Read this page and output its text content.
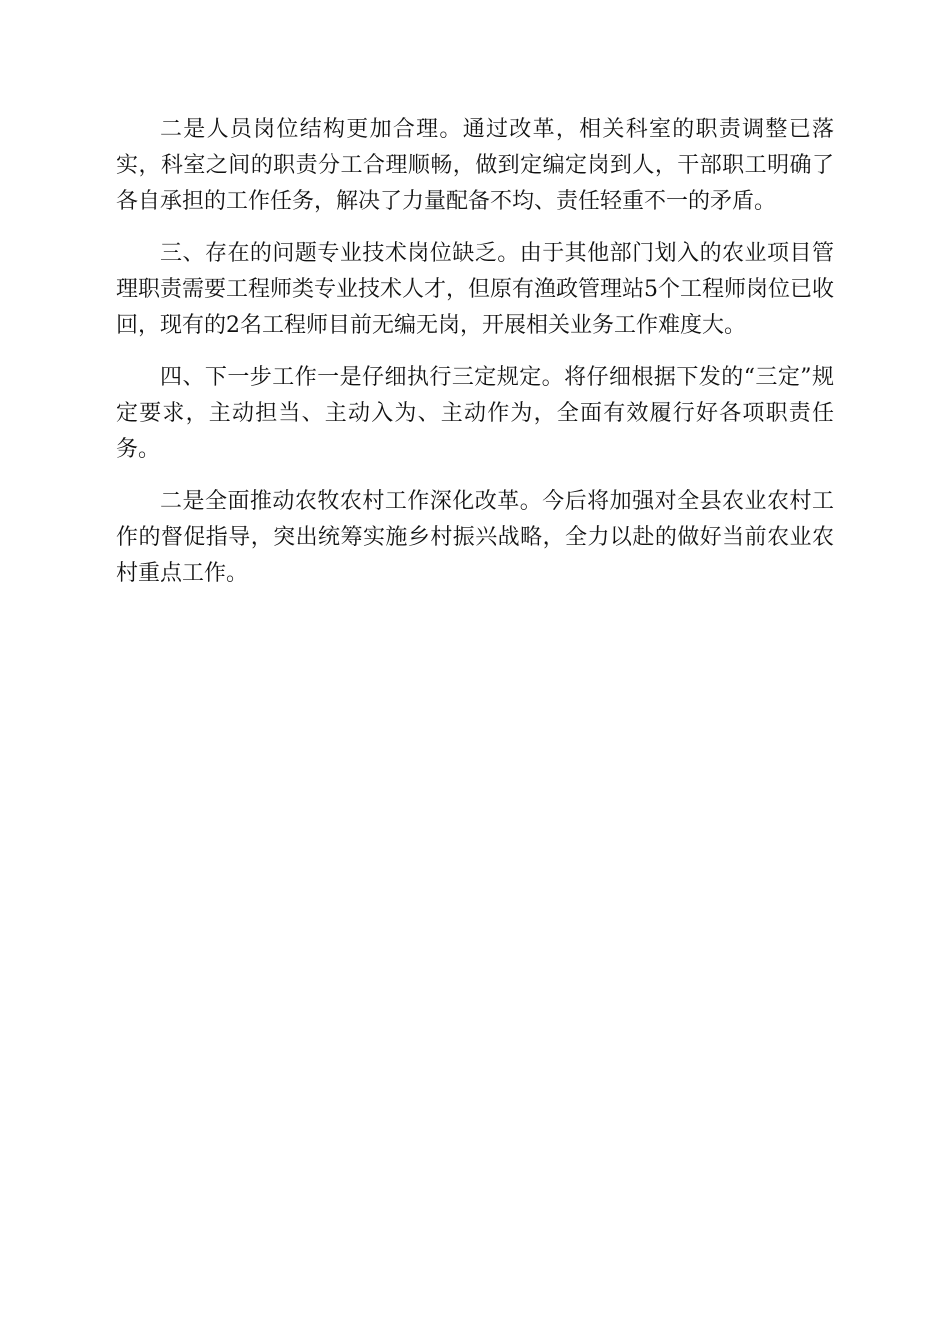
二是人员岗位结构更加合理。通过改革，相关科室的职责调整已落实，科室之间的职责分工合理顺畅，做到定编定岗到人，干部职工明确了各自承担的工作任务，解决了力量配备不均、责任轻重不一的矛盾。

三、存在的问题专业技术岗位缺乏。由于其他部门划入的农业项目管理职责需要工程师类专业技术人才，但原有渔政管理站5个工程师岗位已收回，现有的2名工程师目前无编无岗，开展相关业务工作难度大。

四、下一步工作一是仔细执行三定规定。将仔细根据下发的“三定”规定要求，主动担当、主动入为、主动作为，全面有效履行好各项职责任务。

二是全面推动农牧农村工作深化改革。今后将加强对全县农业农村工作的督促指导，突出统筹实施乡村振兴战略，全力以赴的做好当前农业农村重点工作。
